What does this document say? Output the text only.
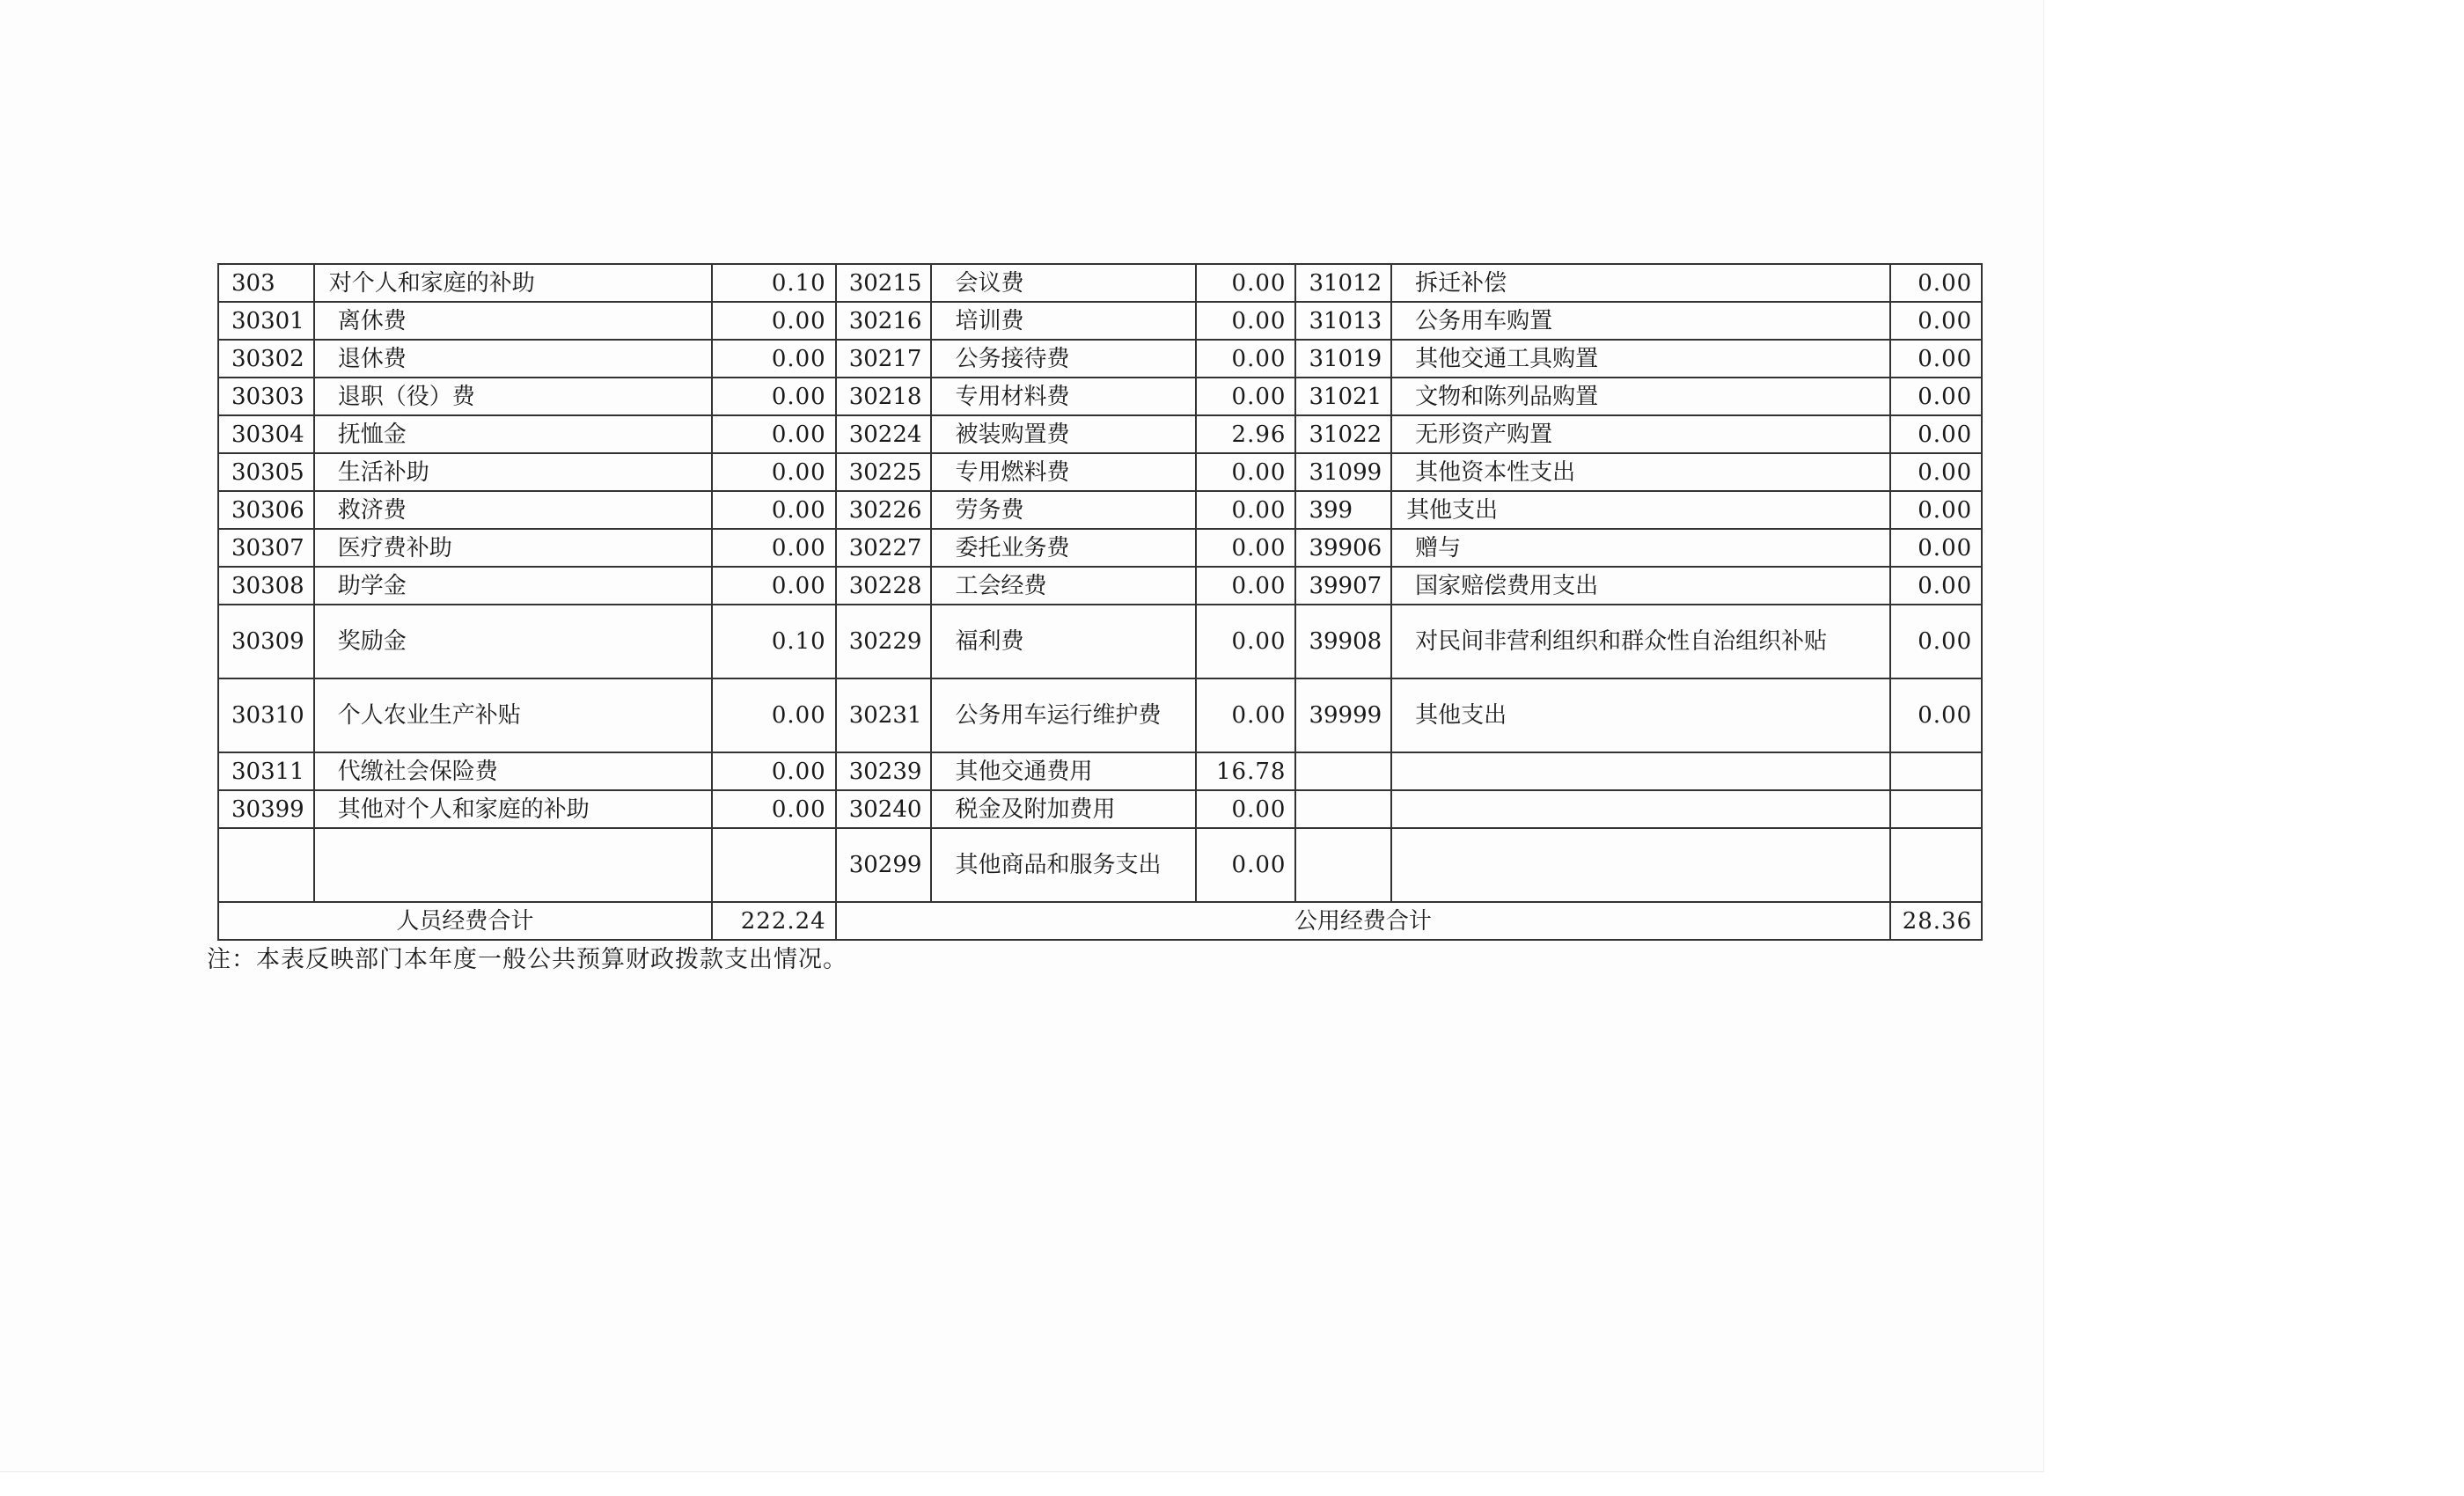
303	对个人和家庭的补助	0.10	30215	会议费	0.00	31012	拆迁补偿	0.00
30301	离休费	0.00	30216	培训费	0.00	31013	公务用车购置	0.00
30302	退休费	0.00	30217	公务接待费	0.00	31019	其他交通工具购置	0.00
30303	退职（役）费	0.00	30218	专用材料费	0.00	31021	文物和陈列品购置	0.00
30304	抚恤金	0.00	30224	被装购置费	2.96	31022	无形资产购置	0.00
30305	生活补助	0.00	30225	专用燃料费	0.00	31099	其他资本性支出	0.00
30306	救济费	0.00	30226	劳务费	0.00	399	其他支出	0.00
30307	医疗费补助	0.00	30227	委托业务费	0.00	39906	赠与	0.00
30308	助学金	0.00	30228	工会经费	0.00	39907	国家赔偿费用支出	0.00
30309	奖励金	0.10	30229	福利费	0.00	39908	对民间非营利组织和群众性自治组织补贴	0.00
30310	个人农业生产补贴	0.00	30231	公务用车运行维护费	0.00	39999	其他支出	0.00
30311	代缴社会保险费	0.00	30239	其他交通费用	16.78			
30399	其他对个人和家庭的补助	0.00	30240	税金及附加费用	0.00			
			30299	其他商品和服务支出	0.00			
人员经费合计		222.24	公用经费合计					28.36
注：本表反映部门本年度一般公共预算财政拨款支出情况。
